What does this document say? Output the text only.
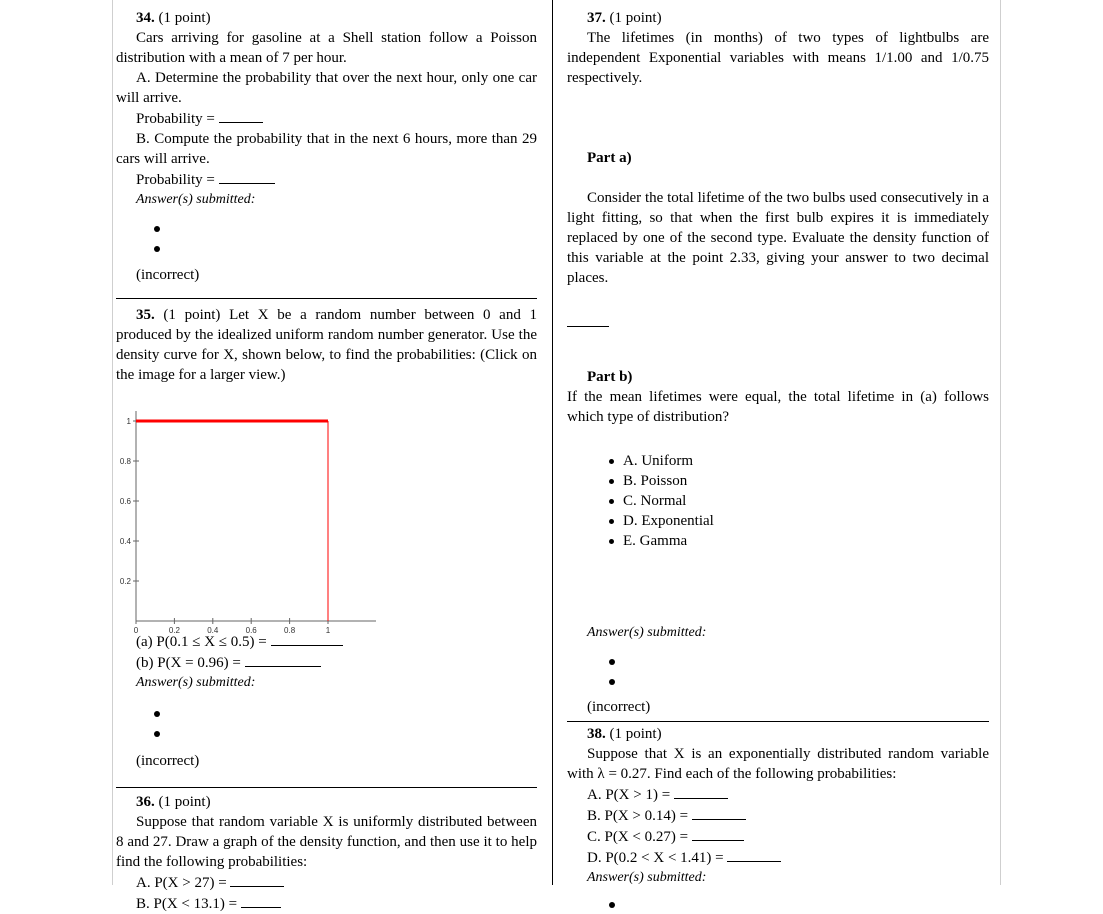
34. (1 point)

Cars arriving for gasoline at a Shell station follow a Poisson distribution with a mean of 7 per hour.

A. Determine the probability that over the next hour, only one car will arrive.

Probability =

B. Compute the probability that in the next 6 hours, more than 29 cars will arrive.

Probability =

Answer(s) submitted:

(incorrect)

35. (1 point) Let X be a random number between 0 and 1 produced by the idealized uniform random number generator. Use the density curve for X, shown below, to find the probabilities: (Click on the image for a larger view.)

0	0.2	0.4	0.6	0.8	1
0.2
0.4
0.6
0.8
1

(a) P(0.1 ≤ X ≤ 0.5) =

(b) P(X = 0.96) =

Answer(s) submitted:

(incorrect)

36. (1 point)

Suppose that random variable X is uniformly distributed between 8 and 27. Draw a graph of the density function, and then use it to help find the following probabilities:

A. P(X > 27) =

B. P(X < 13.1) =

37. (1 point)

The lifetimes (in months) of two types of lightbulbs are independent Exponential variables with means 1/1.00 and 1/0.75 respectively.

Part a)

Consider the total lifetime of the two bulbs used consecutively in a light fitting, so that when the first bulb expires it is immediately replaced by one of the second type. Evaluate the density function of this variable at the point 2.33, giving your answer to two decimal places.

Part b)

If the mean lifetimes were equal, the total lifetime in (a) follows which type of distribution?

A. Uniform
B. Poisson
C. Normal
D. Exponential
E. Gamma

Answer(s) submitted:

(incorrect)

38. (1 point)

Suppose that X is an exponentially distributed random variable with λ = 0.27. Find each of the following probabilities:

A. P(X > 1) =

B. P(X > 0.14) =

C. P(X < 0.27) =

D. P(0.2 < X < 1.41) =

Answer(s) submitted:
